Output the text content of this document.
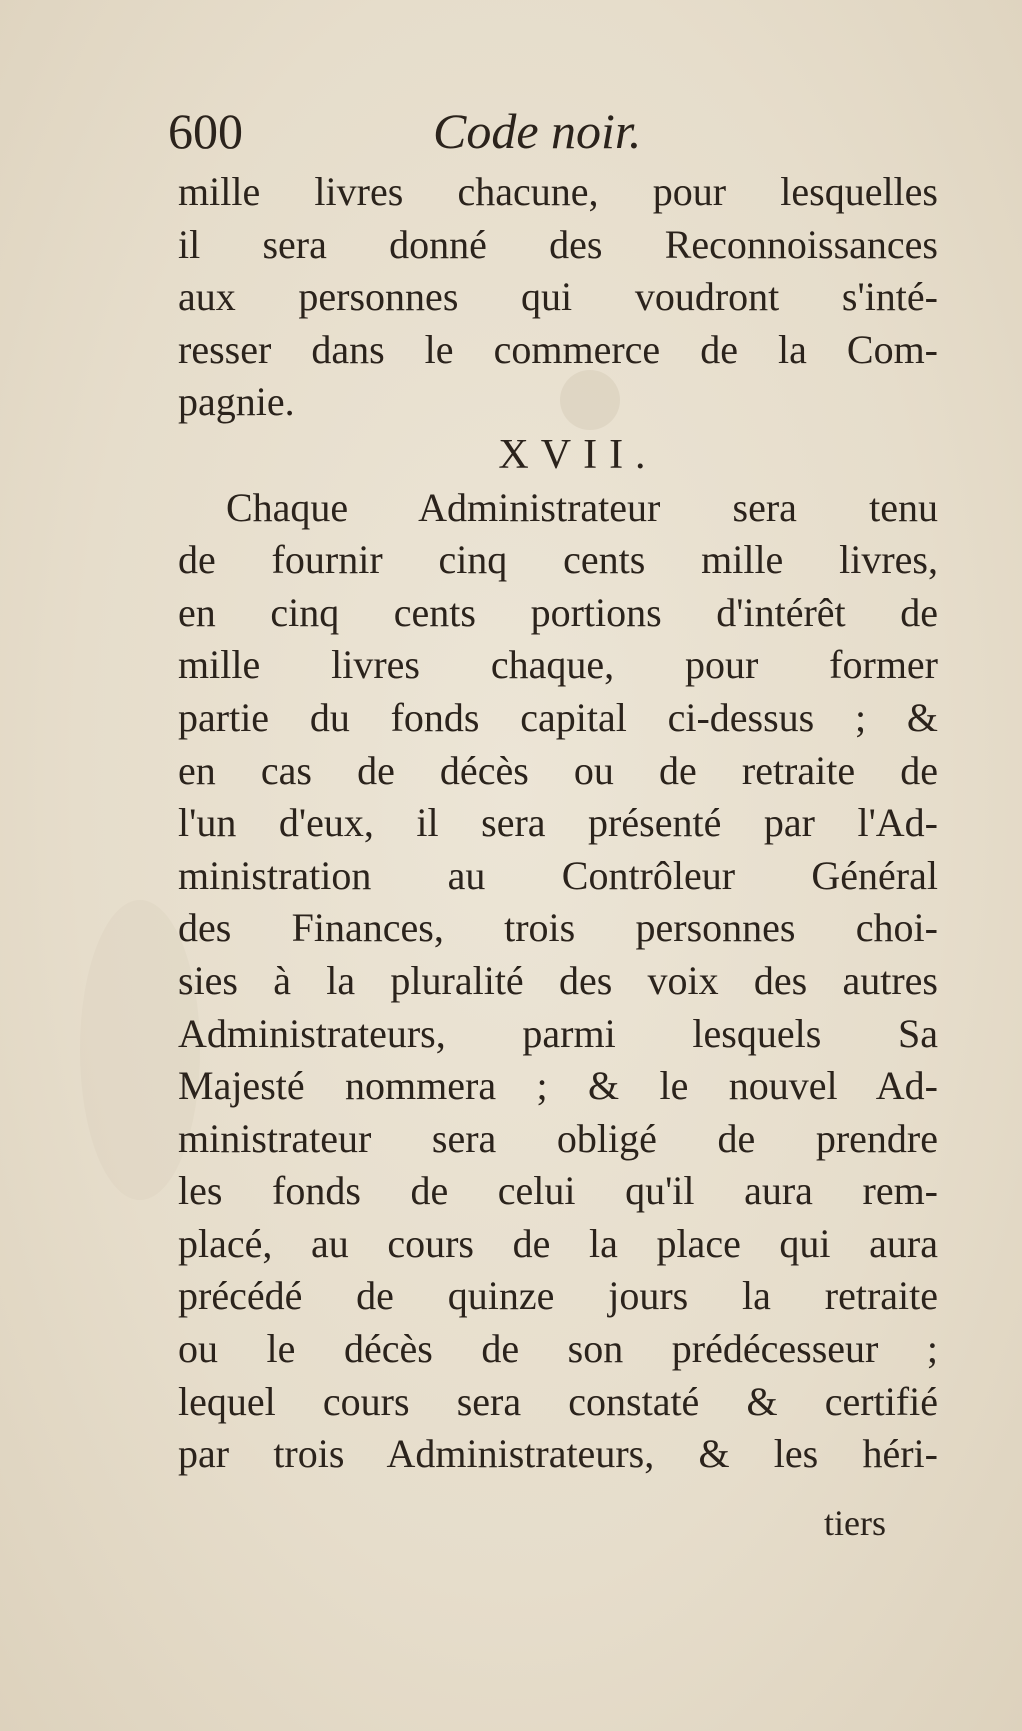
600	Code noir.
mille livres chacune, pour lesquelles
il sera donné des Reconnoissances
aux personnes qui voudront s'inté-
resser dans le commerce de la Com-
pagnie.
XVII.
Chaque Administrateur sera tenu
de fournir cinq cents mille livres,
en cinq cents portions d'intérêt de
mille livres chaque, pour former
partie du fonds capital ci-dessus ; &
en cas de décès ou de retraite de
l'un d'eux, il sera présenté par l'Ad-
ministration au Contrôleur Général
des Finances, trois personnes choi-
sies à la pluralité des voix des autres
Administrateurs, parmi lesquels Sa
Majesté nommera ; & le nouvel Ad-
ministrateur sera obligé de prendre
les fonds de celui qu'il aura rem-
placé, au cours de la place qui aura
précédé de quinze jours la retraite
ou le décès de son prédécesseur ;
lequel cours sera constaté & certifié
par trois Administrateurs, & les héri-
tiers
